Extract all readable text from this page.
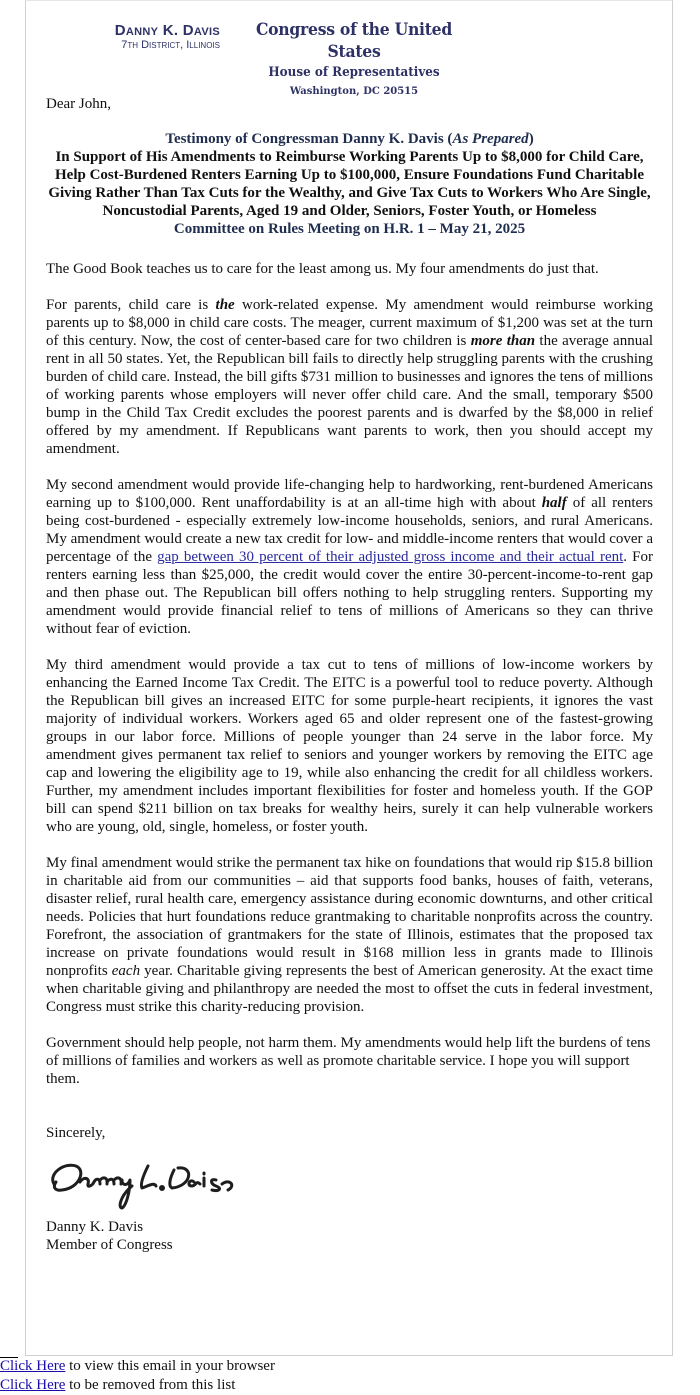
Danny K. Davis
7th District, Illinois
Congress of the United States
House of Representatives
Washington, DC 20515

Dear John,

Testimony of Congressman Danny K. Davis (As Prepared)
In Support of His Amendments to Reimburse Working Parents Up to $8,000 for Child Care,
Help Cost-Burdened Renters Earning Up to $100,000, Ensure Foundations Fund Charitable Giving Rather Than Tax Cuts for the Wealthy, and Give Tax Cuts to Workers Who Are Single, Noncustodial Parents, Aged 19 and Older, Seniors, Foster Youth, or Homeless
Committee on Rules Meeting on H.R. 1 – May 21, 2025

The Good Book teaches us to care for the least among us. My four amendments do just that.

For parents, child care is the work-related expense. My amendment would reimburse working parents up to $8,000 in child care costs. The meager, current maximum of $1,200 was set at the turn of this century. Now, the cost of center-based care for two children is more than the average annual rent in all 50 states. Yet, the Republican bill fails to directly help struggling parents with the crushing burden of child care. Instead, the bill gifts $731 million to businesses and ignores the tens of millions of working parents whose employers will never offer child care. And the small, temporary $500 bump in the Child Tax Credit excludes the poorest parents and is dwarfed by the $8,000 in relief offered by my amendment. If Republicans want parents to work, then you should accept my amendment.

My second amendment would provide life-changing help to hardworking, rent-burdened Americans earning up to $100,000. Rent unaffordability is at an all-time high with about half of all renters being cost-burdened - especially extremely low-income households, seniors, and rural Americans. My amendment would create a new tax credit for low- and middle-income renters that would cover a percentage of the gap between 30 percent of their adjusted gross income and their actual rent. For renters earning less than $25,000, the credit would cover the entire 30-percent-income-to-rent gap and then phase out. The Republican bill offers nothing to help struggling renters. Supporting my amendment would provide financial relief to tens of millions of Americans so they can thrive without fear of eviction.

My third amendment would provide a tax cut to tens of millions of low-income workers by enhancing the Earned Income Tax Credit. The EITC is a powerful tool to reduce poverty. Although the Republican bill gives an increased EITC for some purple-heart recipients, it ignores the vast majority of individual workers. Workers aged 65 and older represent one of the fastest-growing groups in our labor force. Millions of people younger than 24 serve in the labor force. My amendment gives permanent tax relief to seniors and younger workers by removing the EITC age cap and lowering the eligibility age to 19, while also enhancing the credit for all childless workers. Further, my amendment includes important flexibilities for foster and homeless youth. If the GOP bill can spend $211 billion on tax breaks for wealthy heirs, surely it can help vulnerable workers who are young, old, single, homeless, or foster youth.

My final amendment would strike the permanent tax hike on foundations that would rip $15.8 billion in charitable aid from our communities – aid that supports food banks, houses of faith, veterans, disaster relief, rural health care, emergency assistance during economic downturns, and other critical needs. Policies that hurt foundations reduce grantmaking to charitable nonprofits across the country. Forefront, the association of grantmakers for the state of Illinois, estimates that the proposed tax increase on private foundations would result in $168 million less in grants made to Illinois nonprofits each year. Charitable giving represents the best of American generosity. At the exact time when charitable giving and philanthropy are needed the most to offset the cuts in federal investment, Congress must strike this charity-reducing provision.

Government should help people, not harm them. My amendments would help lift the burdens of tens of millions of families and workers as well as promote charitable service. I hope you will support them.

Sincerely,
Danny K. Davis
Member of Congress
Click Here to view this email in your browser
Click Here to be removed from this list
